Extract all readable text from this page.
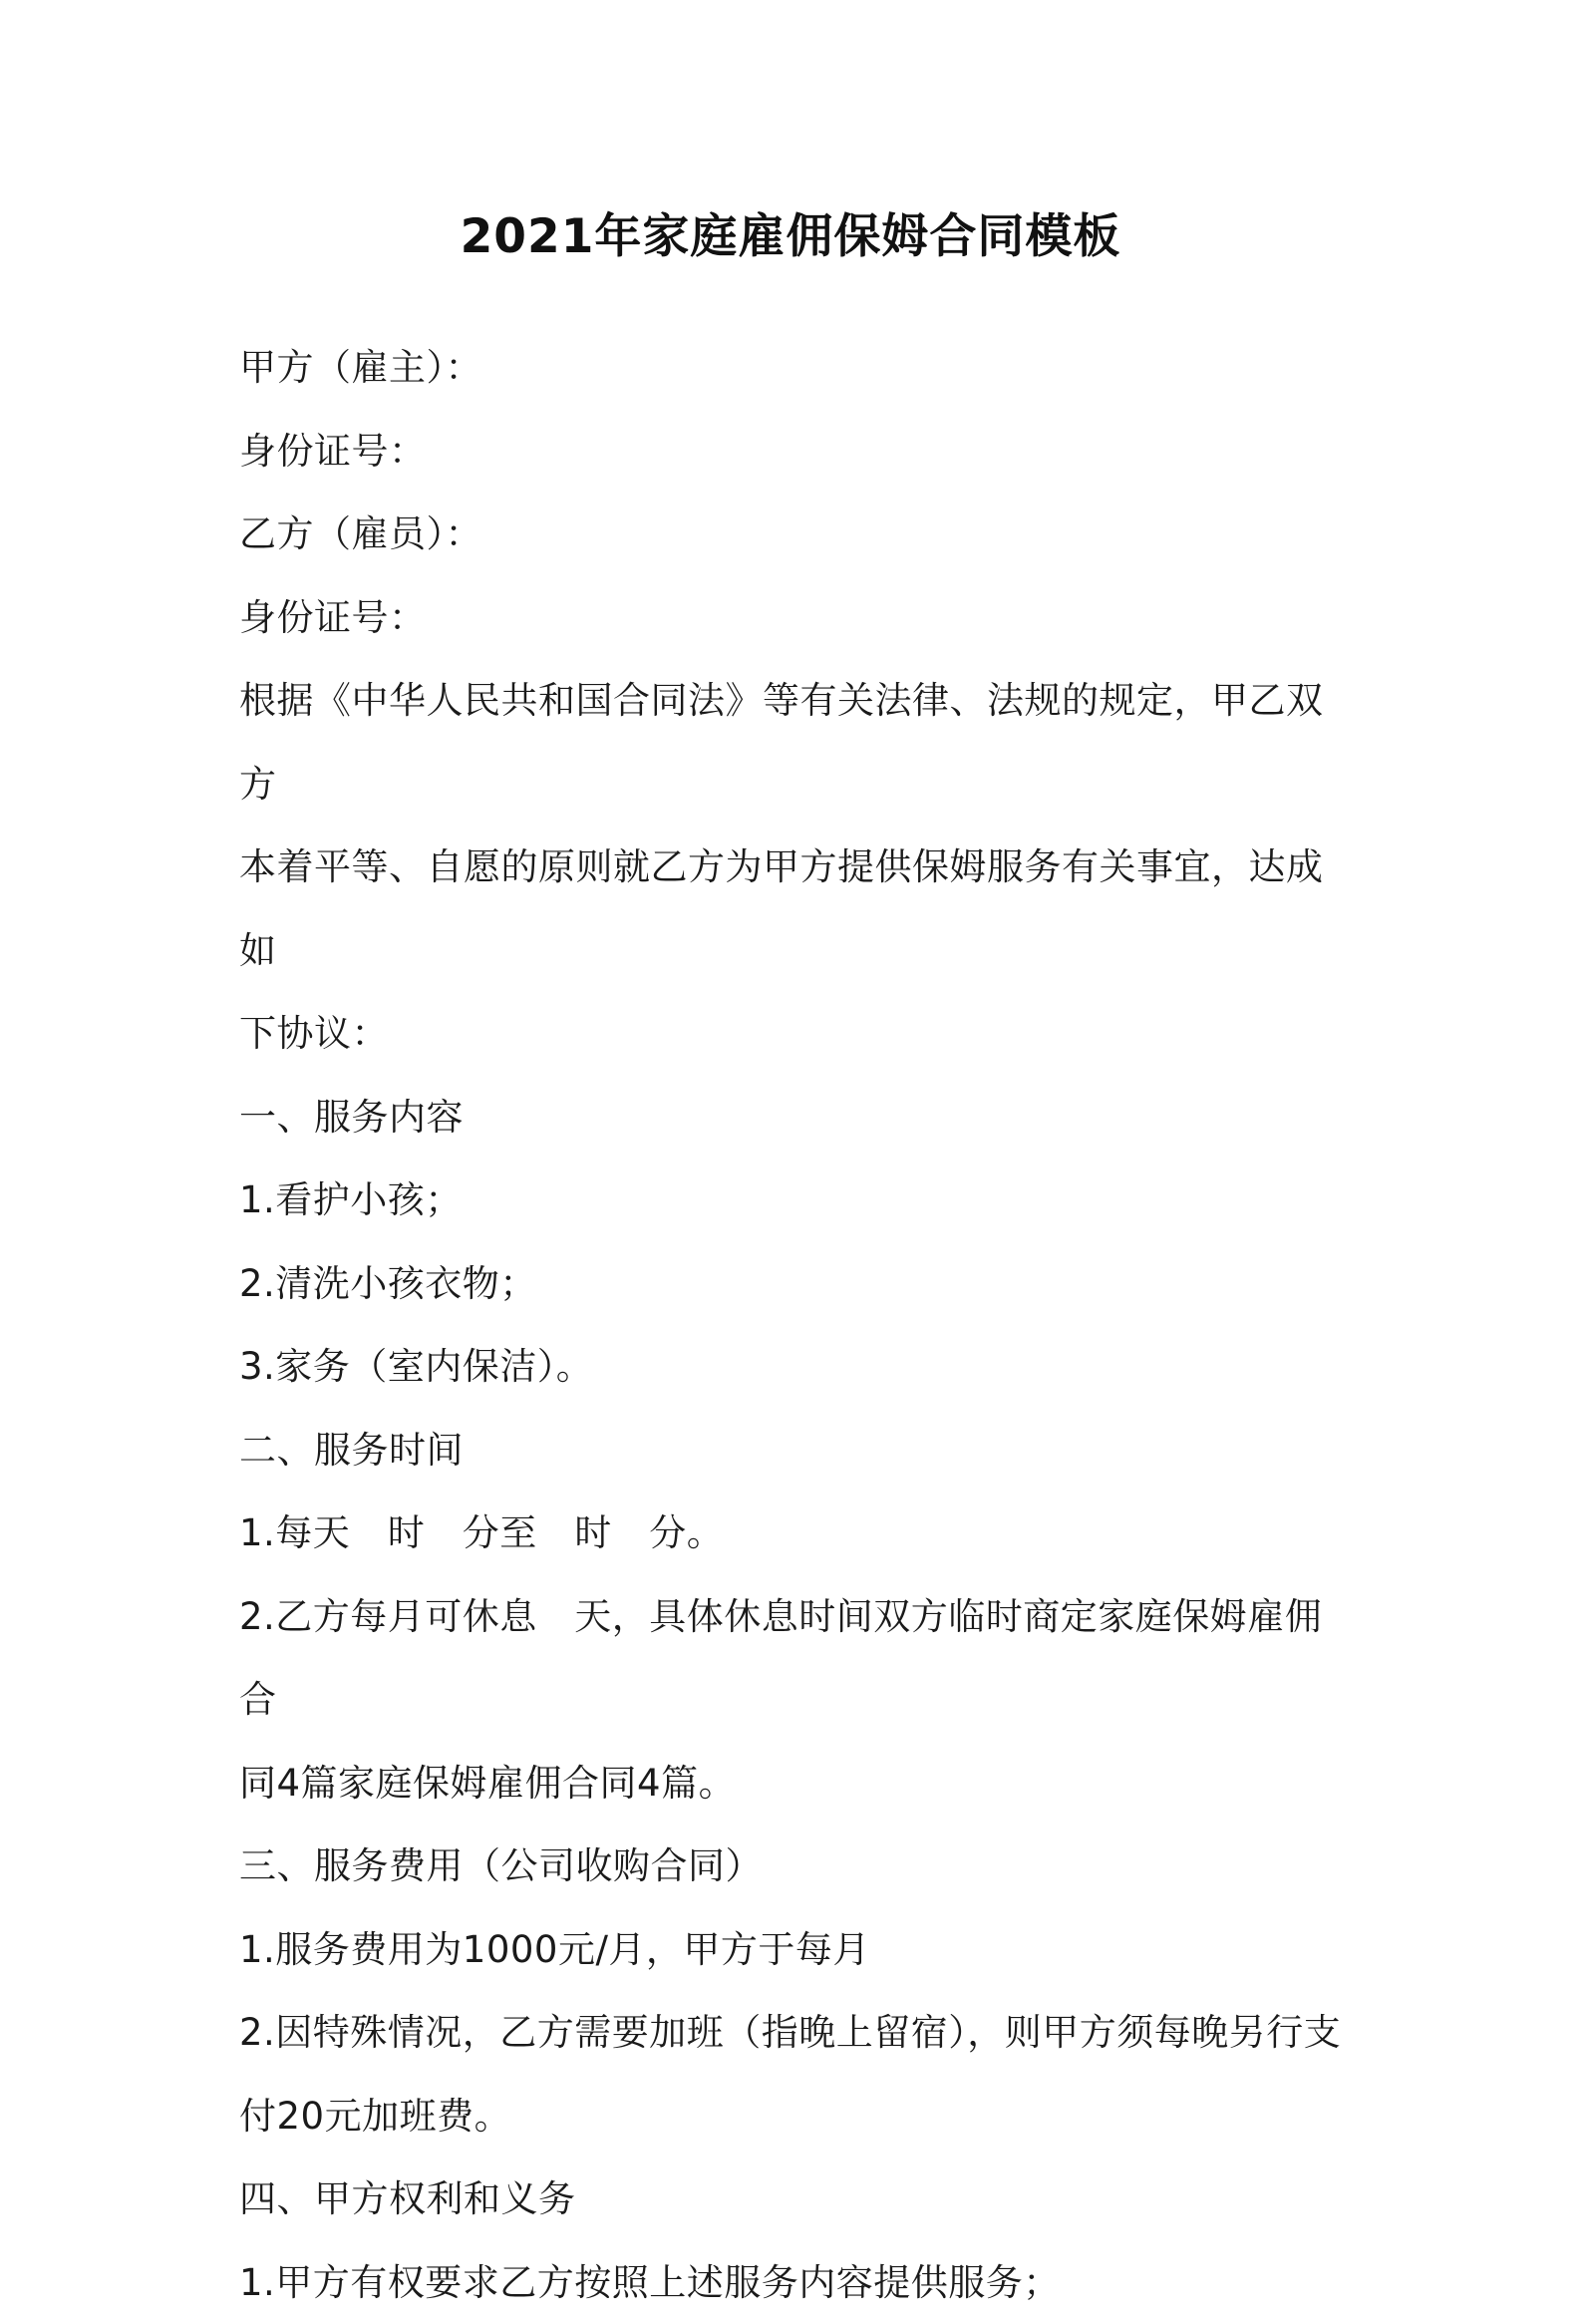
2021年家庭雇佣保姆合同模板

甲方（雇主）：

身份证号：

乙方（雇员）：

身份证号：

根据《中华人民共和国合同法》等有关法律、法规的规定，甲乙双方

本着平等、自愿的原则就乙方为甲方提供保姆服务有关事宜，达成如

下协议：

一、服务内容

1.看护小孩；

2.清洗小孩衣物；

3.家务（室内保洁）。

二、服务时间

1.每天　时　分至　时　分。

2.乙方每月可休息　天，具体休息时间双方临时商定家庭保姆雇佣合

同4篇家庭保姆雇佣合同4篇。

三、服务费用（公司收购合同）

1.服务费用为1000元/月，甲方于每月

2.因特殊情况，乙方需要加班（指晚上留宿），则甲方须每晚另行支

付20元加班费。

四、甲方权利和义务

1.甲方有权要求乙方按照上述服务内容提供服务；
